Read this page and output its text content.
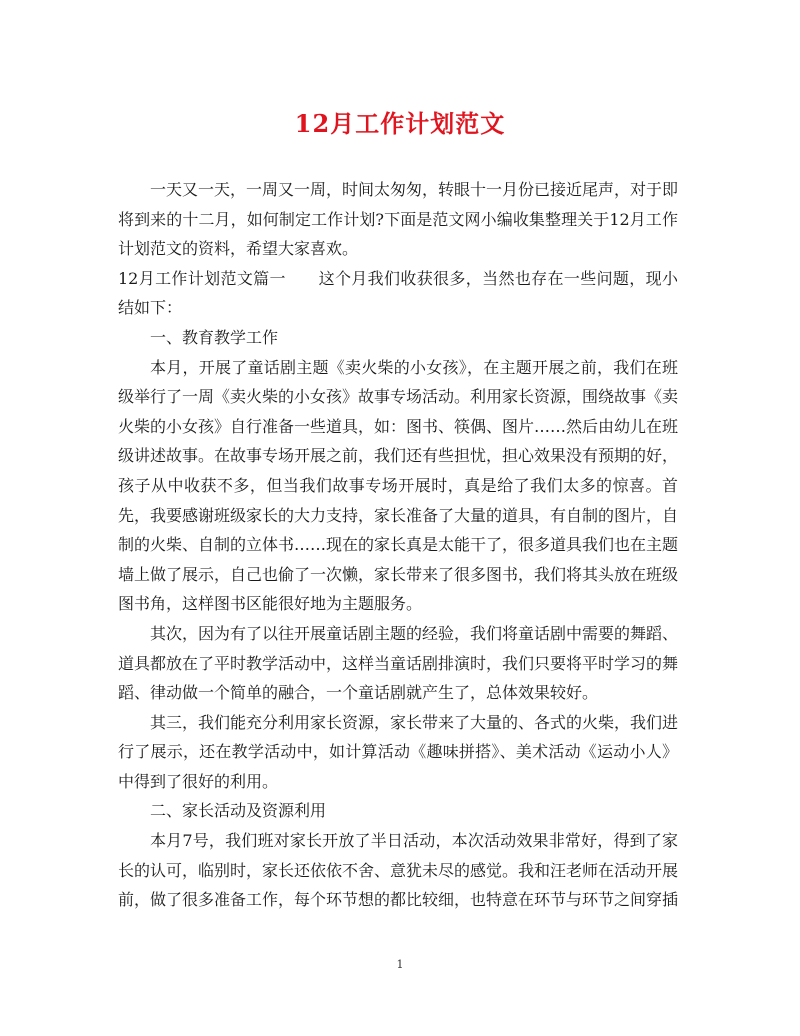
12月工作计划范文

一天又一天，一周又一周，时间太匆匆，转眼十一月份已接近尾声，对于即将到来的十二月，如何制定工作计划?下面是范文网小编收集整理关于12月工作计划范文的资料，希望大家喜欢。

12月工作计划范文篇一　　这个月我们收获很多，当然也存在一些问题，现小结如下：

一、教育教学工作

本月，开展了童话剧主题《卖火柴的小女孩》，在主题开展之前，我们在班级举行了一周《卖火柴的小女孩》故事专场活动。利用家长资源，围绕故事《卖火柴的小女孩》自行准备一些道具，如：图书、筷偶、图片……然后由幼儿在班级讲述故事。在故事专场开展之前，我们还有些担忧，担心效果没有预期的好，孩子从中收获不多，但当我们故事专场开展时，真是给了我们太多的惊喜。首先，我要感谢班级家长的大力支持，家长准备了大量的道具，有自制的图片，自制的火柴、自制的立体书……现在的家长真是太能干了，很多道具我们也在主题墙上做了展示，自己也偷了一次懒，家长带来了很多图书，我们将其头放在班级图书角，这样图书区能很好地为主题服务。

其次，因为有了以往开展童话剧主题的经验，我们将童话剧中需要的舞蹈、道具都放在了平时教学活动中，这样当童话剧排演时，我们只要将平时学习的舞蹈、律动做一个简单的融合，一个童话剧就产生了，总体效果较好。

其三，我们能充分利用家长资源，家长带来了大量的、各式的火柴，我们进行了展示，还在教学活动中，如计算活动《趣味拼搭》、美术活动《运动小人》中得到了很好的利用。

二、家长活动及资源利用

本月7号，我们班对家长开放了半日活动，本次活动效果非常好，得到了家长的认可，临别时，家长还依依不舍、意犹未尽的感觉。我和汪老师在活动开展前，做了很多准备工作，每个环节想的都比较细，也特意在环节与环节之间穿插

1
